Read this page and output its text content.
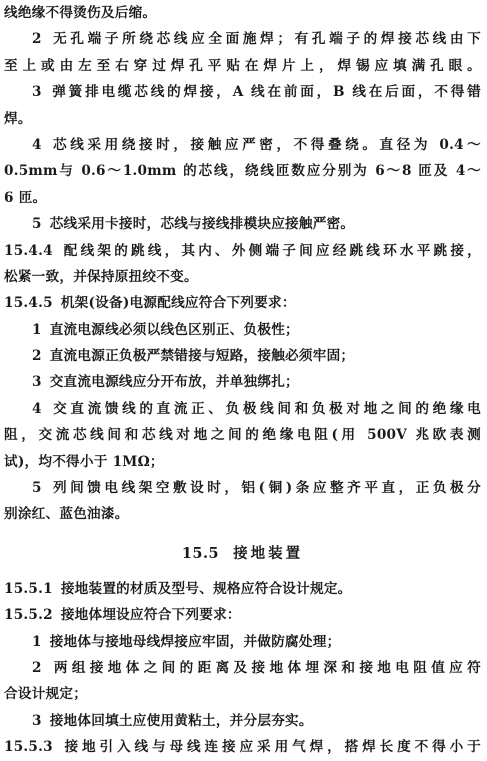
线绝缘不得烫伤及后缩。
2 无孔端子所绕芯线应全面施焊；有孔端子的焊接芯线由下
至上或由左至右穿过焊孔平贴在焊片上，焊锡应填满孔眼。
3 弹簧排电缆芯线的焊接，A 线在前面，B 线在后面，不得错
焊。
4 芯线采用绕接时，接触应严密，不得叠绕。直径为 0.4～
0.5mm与 0.6～1.0mm 的芯线，绕线匝数应分别为 6～8 匝及 4～
6 匝。
5 芯线采用卡接时，芯线与接线排模块应接触严密。
15.4.4 配线架的跳线，其内、外侧端子间应经跳线环水平跳接，
松紧一致，并保持原扭绞不变。
15.4.5 机架(设备)电源配线应符合下列要求：
1 直流电源线必须以线色区别正、负极性；
2 直流电源正负极严禁错接与短路，接触必须牢固；
3 交直流电源线应分开布放，并单独绑扎；
4 交直流馈线的直流正、负极线间和负极对地之间的绝缘电
阻，交流芯线间和芯线对地之间的绝缘电阻(用 500V 兆欧表测
试)，均不得小于 1MΩ；
5 列间馈电线架空敷设时，铝(铜)条应整齐平直，正负极分
别涂红、蓝色油漆。
15.5 接地装置
15.5.1 接地装置的材质及型号、规格应符合设计规定。
15.5.2 接地体埋设应符合下列要求：
1 接地体与接地母线焊接应牢固，并做防腐处理；
2 两组接地体之间的距离及接地体埋深和接地电阻值应符
合设计规定；
3 接地体回填土应使用黄粘土，并分层夯实。
15.5.3 接地引入线与母线连接应采用气焊，搭焊长度不得小于
